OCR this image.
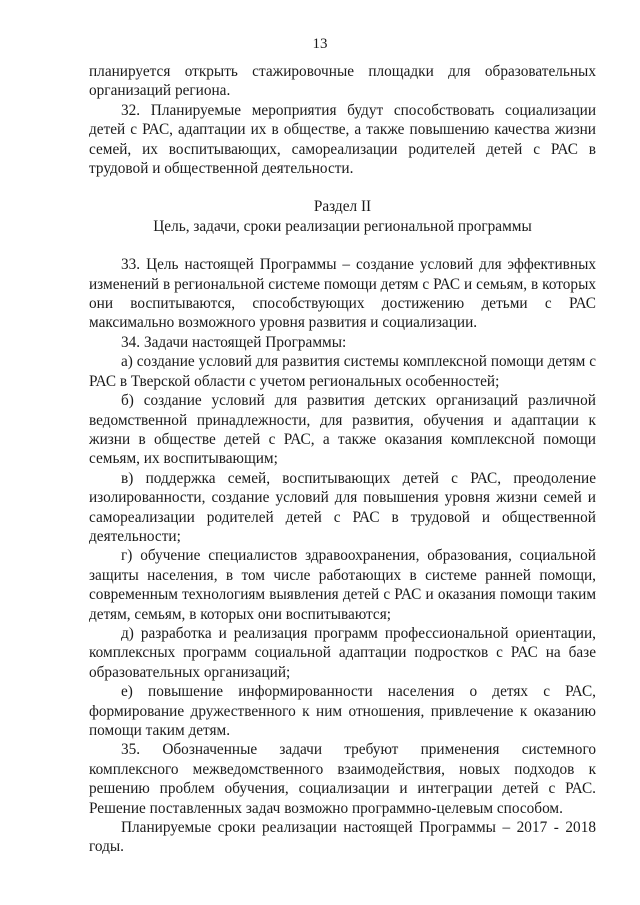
13

планируется открыть стажировочные площадки для образовательных организаций региона.

32. Планируемые мероприятия будут способствовать социализации детей с РАС, адаптации их в обществе, а также повышению качества жизни семей, их воспитывающих, самореализации родителей детей с РАС в трудовой и общественной деятельности.

Раздел II
Цель, задачи, сроки реализации региональной программы

33. Цель настоящей Программы – создание условий для эффективных изменений в региональной системе помощи детям с РАС и семьям, в которых они воспитываются, способствующих достижению детьми с РАС максимально возможного уровня развития и социализации.

34. Задачи настоящей Программы:

а) создание условий для развития системы комплексной помощи детям с РАС в Тверской области с учетом региональных особенностей;

б) создание условий для развития детских организаций различной ведомственной принадлежности, для развития, обучения и адаптации к жизни в обществе детей с РАС, а также оказания комплексной помощи семьям, их воспитывающим;

в) поддержка семей, воспитывающих детей с РАС, преодоление изолированности, создание условий для повышения уровня жизни семей и самореализации родителей детей с РАС в трудовой и общественной деятельности;

г) обучение специалистов здравоохранения, образования, социальной защиты населения, в том числе работающих в системе ранней помощи, современным технологиям выявления детей с РАС и оказания помощи таким детям, семьям, в которых они воспитываются;

д) разработка и реализация программ профессиональной ориентации, комплексных программ социальной адаптации подростков с РАС на базе образовательных организаций;

е) повышение информированности населения о детях с РАС, формирование дружественного к ним отношения, привлечение к оказанию помощи таким детям.

35. Обозначенные задачи требуют применения системного комплексного межведомственного взаимодействия, новых подходов к решению проблем обучения, социализации и интеграции детей с РАС. Решение поставленных задач возможно программно-целевым способом.

Планируемые сроки реализации настоящей Программы – 2017 - 2018 годы.
